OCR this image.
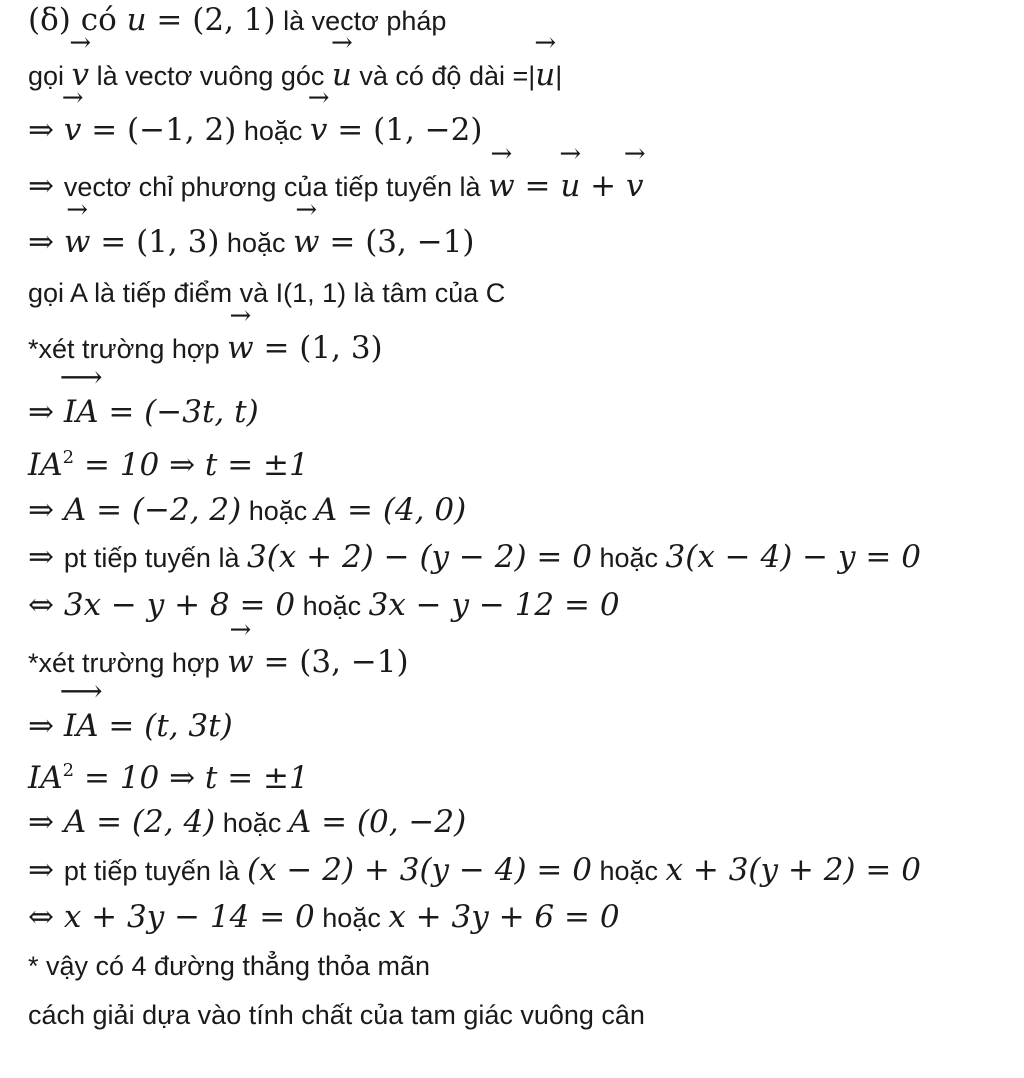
(δ) có ´ u = (2, 1) là vectơ pháp
gọi → v là vectơ vuông góc → u và có độ dài =|→ u|
⇒ → v = (−1, 2) hoặc → v = (1, −2)
⇒ vectơ chỉ phương của tiếp tuyến là → w = → u + → v
⇒ → w = (1, 3) hoặc → w = (3, −1)
gọi A là tiếp điểm và I(1, 1) là tâm của C
*xét trường hợp → w = (1, 3)
⇒ ⟶ IA = (−3t, t)
$IA^2 = 10$ ⇒ t = ±1
⇒ A = (−2, 2) hoặc A = (4, 0)
⇒ pt tiếp tuyến là 3(x + 2) − (y − 2) = 0 hoặc 3(x − 4) − y = 0
⇔ 3x − y + 8 = 0 hoặc 3x − y − 12 = 0
*xét trường hợp → w = (3, −1)
⇒ ⟶ IA = (t, 3t)
$IA^2 = 10$ ⇒ t = ±1
⇒ A = (2, 4) hoặc A = (0, −2)
⇒ pt tiếp tuyến là (x − 2) + 3(y − 4) = 0 hoặc x + 3(y + 2) = 0
⇔ x + 3y − 14 = 0 hoặc x + 3y + 6 = 0
* vậy có 4 đường thẳng thỏa mãn
cách giải dựa vào tính chất của tam giác vuông cân
